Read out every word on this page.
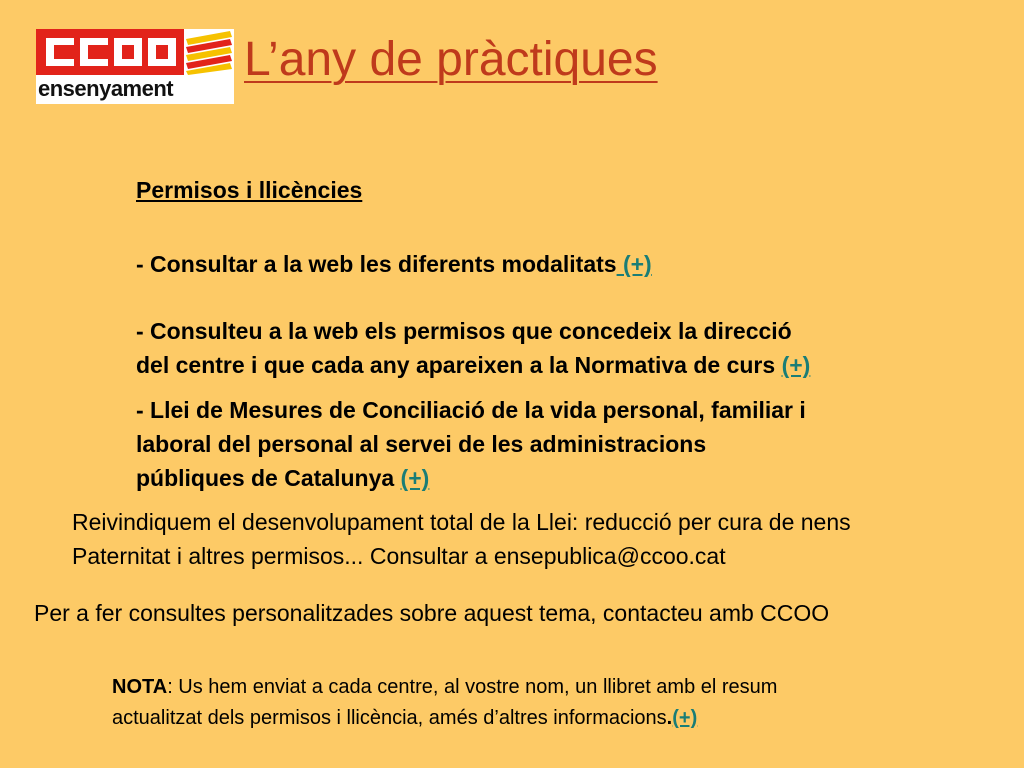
ensenyament
L’any de pràctiques
Permisos i llicències
- Consultar a la web les diferents modalitats (+)
- Consulteu a la web els permisos que concedeix la direcció
del centre i que cada any apareixen a la Normativa de curs (+)
- Llei de Mesures de Conciliació de la vida personal, familiar i
laboral del personal al servei de les administracions
públiques de Catalunya (+)
Reivindiquem el desenvolupament total de la Llei: reducció per cura de nens
Paternitat i altres permisos... Consultar a ensepublica@ccoo.cat
Per a fer consultes personalitzades sobre aquest tema, contacteu amb CCOO
NOTA: Us hem enviat a cada centre, al vostre nom, un llibret amb el resum
actualitzat dels permisos i llicència, amés d’altres informacions.(+)
